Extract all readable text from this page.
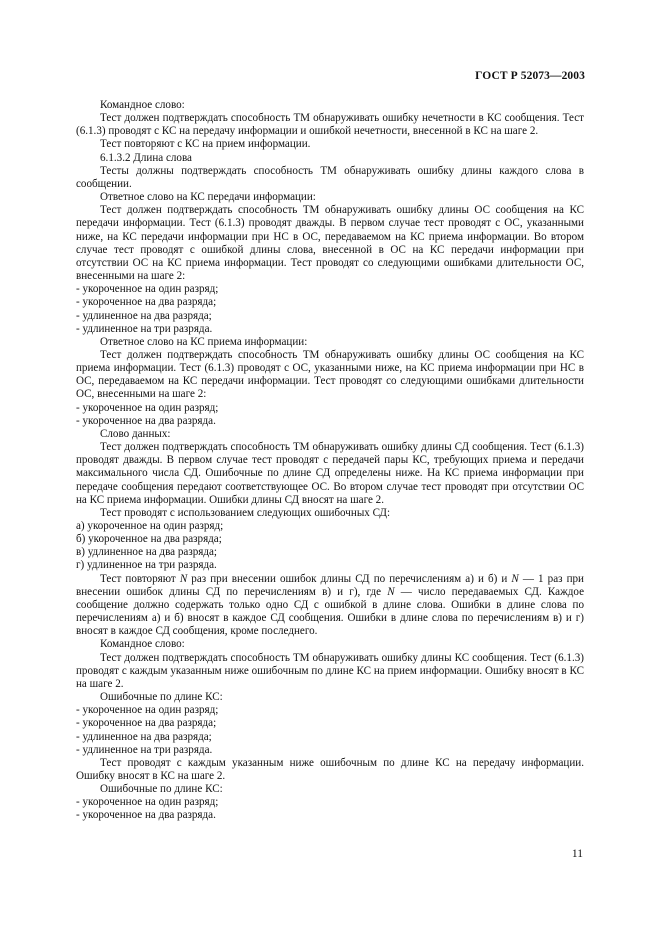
ГОСТ Р 52073—2003

Командное слово:

Тест должен подтверждать способность ТМ обнаруживать ошибку нечетности в КС сообщения. Тест (6.1.3) проводят с КС на передачу информации и ошибкой нечетности, внесенной в КС на шаге 2.

Тест повторяют с КС на прием информации.

6.1.3.2 Длина слова

Тесты должны подтверждать способность ТМ обнаруживать ошибку длины каждого слова в сообщении.

Ответное слово на КС передачи информации:

Тест должен подтверждать способность ТМ обнаруживать ошибку длины ОС сообщения на КС передачи информации. Тест (6.1.3) проводят дважды. В первом случае тест проводят с ОС, указанными ниже, на КС передачи информации при НС в ОС, передаваемом на КС приема информации. Во втором случае тест проводят с ошибкой длины слова, внесенной в ОС на КС передачи информации при отсутствии ОС на КС приема информации. Тест проводят со следующими ошибками длительности ОС, внесенными на шаге 2:

- укороченное на один разряд;

- укороченное на два разряда;

- удлиненное на два разряда;

- удлиненное на три разряда.

Ответное слово на КС приема информации:

Тест должен подтверждать способность ТМ обнаруживать ошибку длины ОС сообщения на КС приема информации. Тест (6.1.3) проводят с ОС, указанными ниже, на КС приема информации при НС в ОС, передаваемом на КС передачи информации. Тест проводят со следующими ошибками длительности ОС, внесенными на шаге 2:

- укороченное на один разряд;

- укороченное на два разряда.

Слово данных:

Тест должен подтверждать способность ТМ обнаруживать ошибку длины СД сообщения. Тест (6.1.3) проводят дважды. В первом случае тест проводят с передачей пары КС, требующих приема и передачи максимального числа СД. Ошибочные по длине СД определены ниже. На КС приема информации при передаче сообщения передают соответствующее ОС. Во втором случае тест проводят при отсутствии ОС на КС приема информации. Ошибки длины СД вносят на шаге 2.

Тест проводят с использованием следующих ошибочных СД:

а) укороченное на один разряд;

б) укороченное на два разряда;

в) удлиненное на два разряда;

г) удлиненное на три разряда.

Тест повторяют N раз при внесении ошибок длины СД по перечислениям а) и б) и N — 1 раз при внесении ошибок длины СД по перечислениям в) и г), где N — число передаваемых СД. Каждое сообщение должно содержать только одно СД с ошибкой в длине слова. Ошибки в длине слова по перечислениям а) и б) вносят в каждое СД сообщения. Ошибки в длине слова по перечислениям в) и г) вносят в каждое СД сообщения, кроме последнего.

Командное слово:

Тест должен подтверждать способность ТМ обнаруживать ошибку длины КС сообщения. Тест (6.1.3) проводят с каждым указанным ниже ошибочным по длине КС на прием информации. Ошибку вносят в КС на шаге 2.

Ошибочные по длине КС:

- укороченное на один разряд;

- укороченное на два разряда;

- удлиненное на два разряда;

- удлиненное на три разряда.

Тест проводят с каждым указанным ниже ошибочным по длине КС на передачу информации. Ошибку вносят в КС на шаге 2.

Ошибочные по длине КС:

- укороченное на один разряд;

- укороченное на два разряда.

11
